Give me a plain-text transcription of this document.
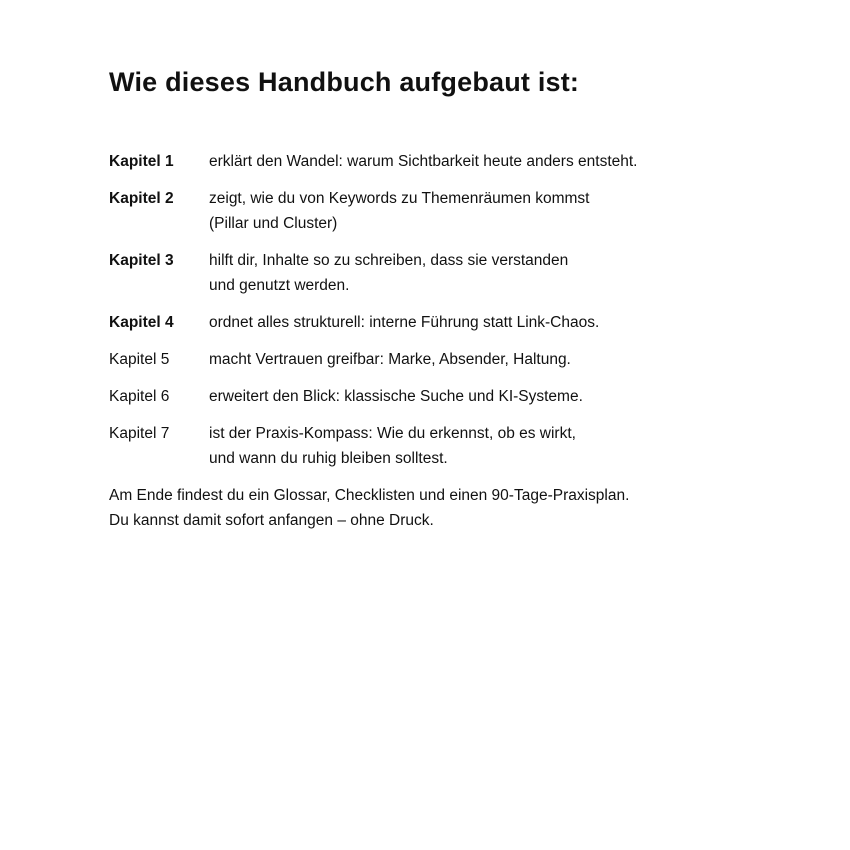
Wie dieses Handbuch aufgebaut ist:
Kapitel 1	erklärt den Wandel: warum Sichtbarkeit heute anders entsteht.
Kapitel 2	zeigt, wie du von Keywords zu Themenräumen kommst
(Pillar und Cluster)
Kapitel 3	hilft dir, Inhalte so zu schreiben, dass sie verstanden
und genutzt werden.
Kapitel 4	ordnet alles strukturell: interne Führung statt Link-Chaos.
Kapitel 5	macht Vertrauen greifbar: Marke, Absender, Haltung.
Kapitel 6	erweitert den Blick: klassische Suche und KI-Systeme.
Kapitel 7	ist der Praxis-Kompass: Wie du erkennst, ob es wirkt,
und wann du ruhig bleiben solltest.
Am Ende findest du ein Glossar, Checklisten und einen 90-Tage-Praxisplan.
Du kannst damit sofort anfangen – ohne Druck.
